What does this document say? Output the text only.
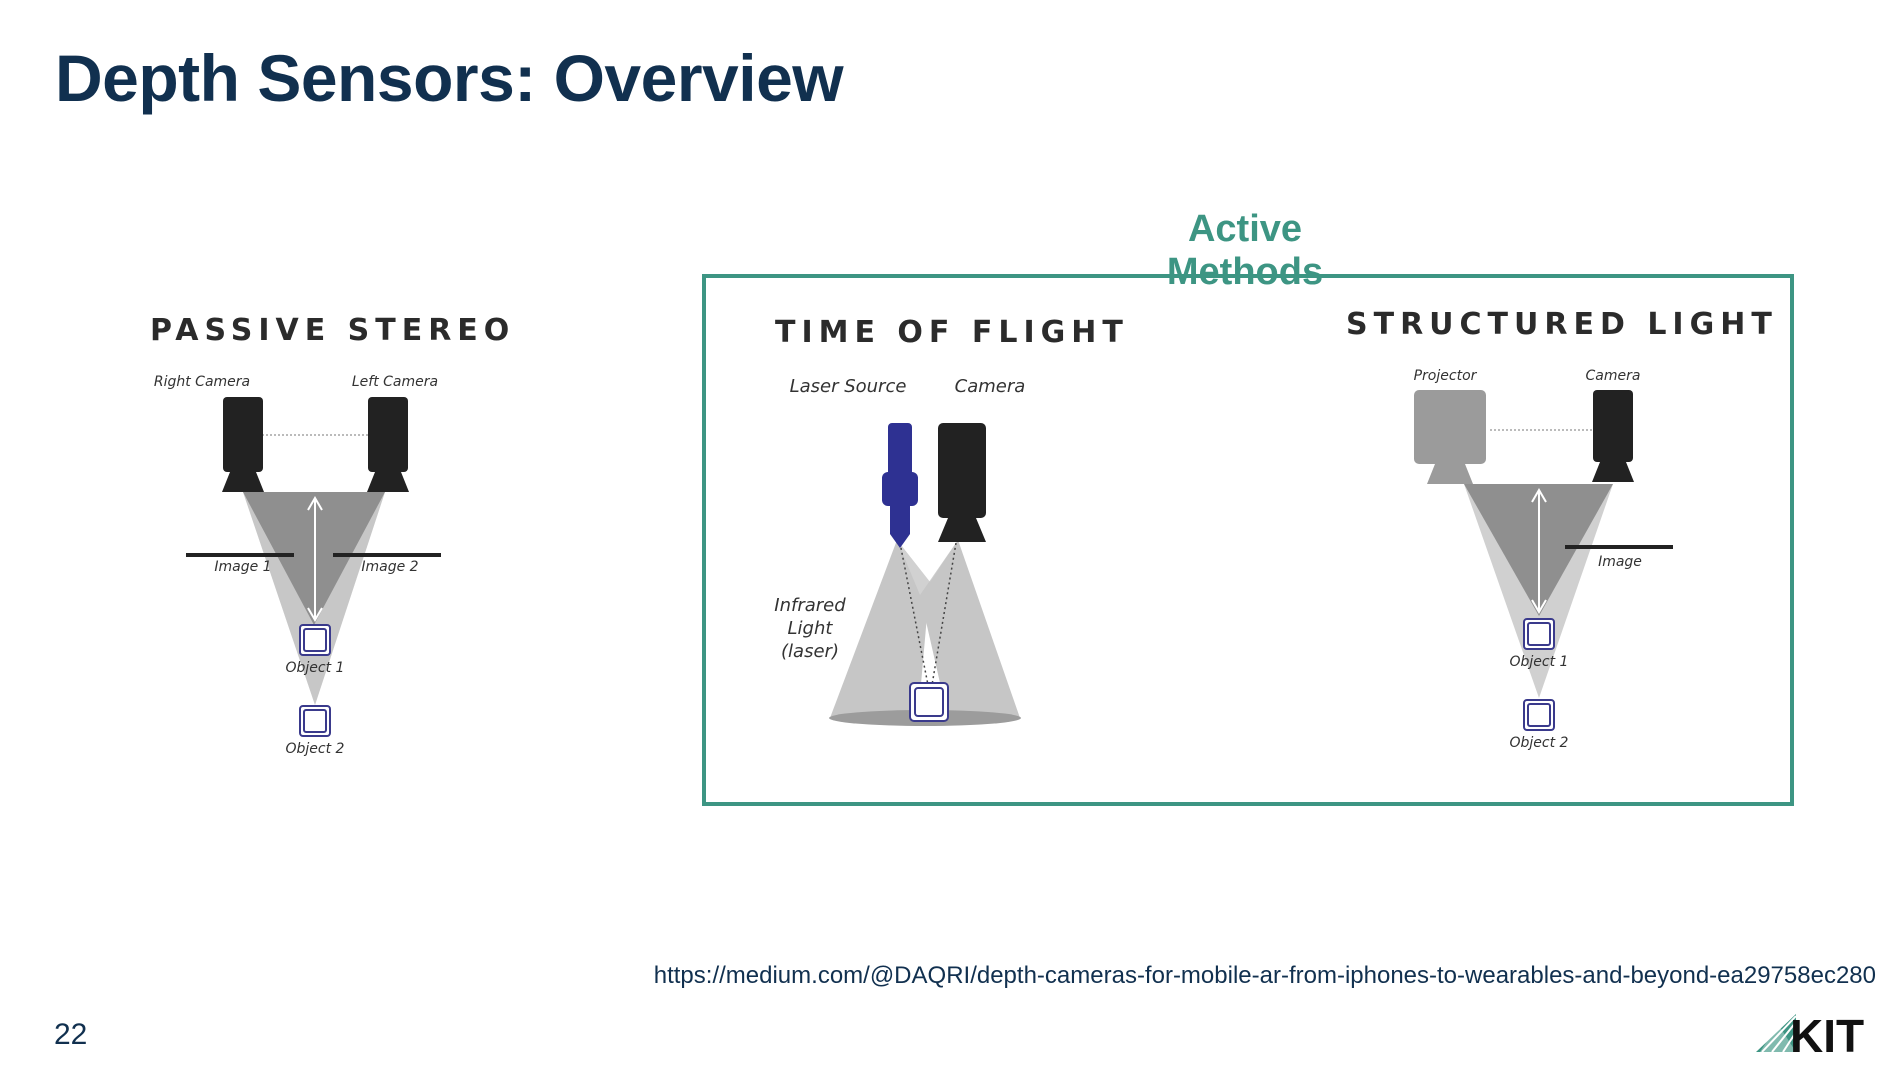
Depth Sensors: Overview
Active Methods
PASSIVE STEREO
Right Camera	Left Camera
Image 1	Image 2
Object 1
Object 2
TIME OF FLIGHT
Laser Source	Camera
Infrared
Light
(laser)
STRUCTURED LIGHT
Projector	Camera
Image
Object 1
Object 2
https://medium.com/@DAQRI/depth-cameras-for-mobile-ar-from-iphones-to-wearables-and-beyond-ea29758ec280
22	KIT
